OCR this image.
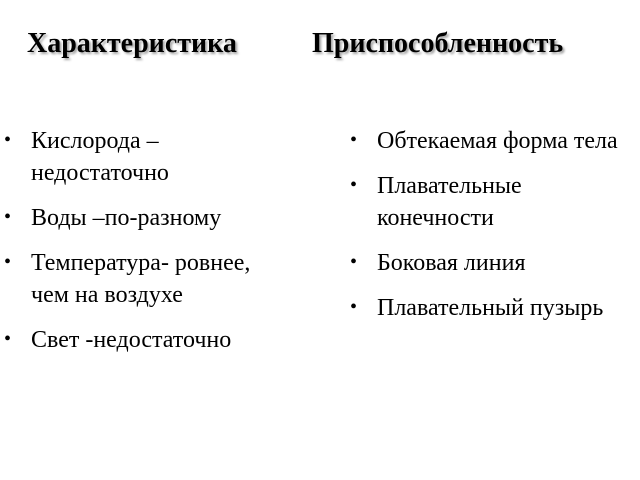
Характеристика	Приспособленность
• Кислорода – недостаточно
• Воды –по-разному
• Температура- ровнее, чем на воздухе
• Свет -недостаточно
• Обтекаемая форма тела
• Плавательные конечности
• Боковая линия
• Плавательный пузырь
